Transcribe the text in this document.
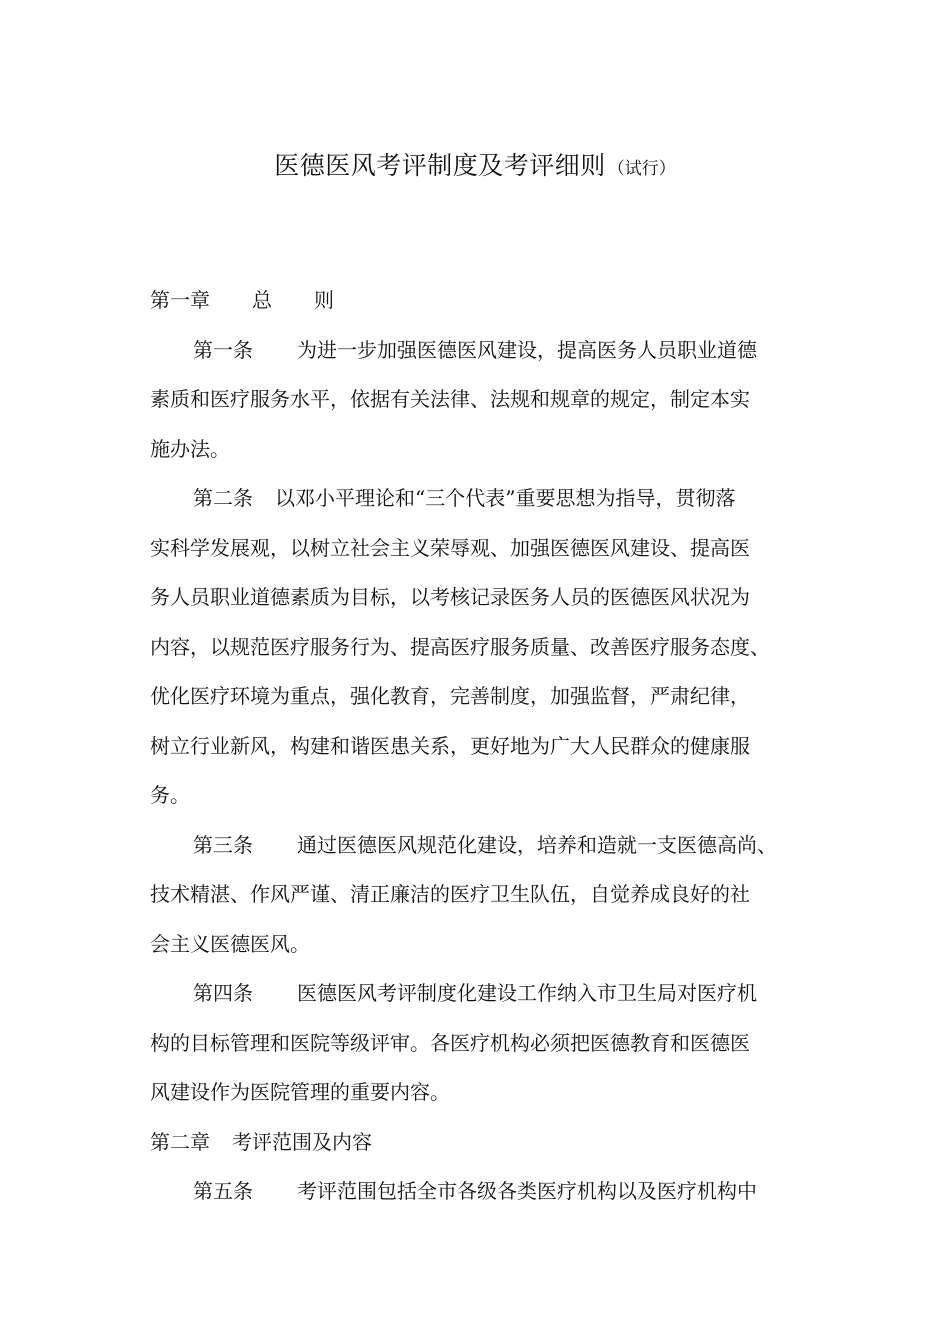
医德医风考评制度及考评细则 （试行）
第一章 总 则
第一条 为进一步加强医德医风建设，提高医务人员职业道德
素质和医疗服务水平，依据有关法律、法规和规章的规定，制定本实
施办法。
第二条 以邓小平理论和“三个代表”重要思想为指导，贯彻落
实科学发展观，以树立社会主义荣辱观、加强医德医风建设、提高医
务人员职业道德素质为目标，以考核记录医务人员的医德医风状况为
内容，以规范医疗服务行为、提高医疗服务质量、改善医疗服务态度、
优化医疗环境为重点，强化教育，完善制度，加强监督，严肃纪律，
树立行业新风，构建和谐医患关系，更好地为广大人民群众的健康服
务。
第三条 通过医德医风规范化建设，培养和造就一支医德高尚、
技术精湛、作风严谨、清正廉洁的医疗卫生队伍，自觉养成良好的社
会主义医德医风。
第四条 医德医风考评制度化建设工作纳入市卫生局对医疗机
构的目标管理和医院等级评审。各医疗机构必须把医德教育和医德医
风建设作为医院管理的重要内容。
第二章 考评范围及内容
第五条 考评范围包括全市各级各类医疗机构以及医疗机构中
